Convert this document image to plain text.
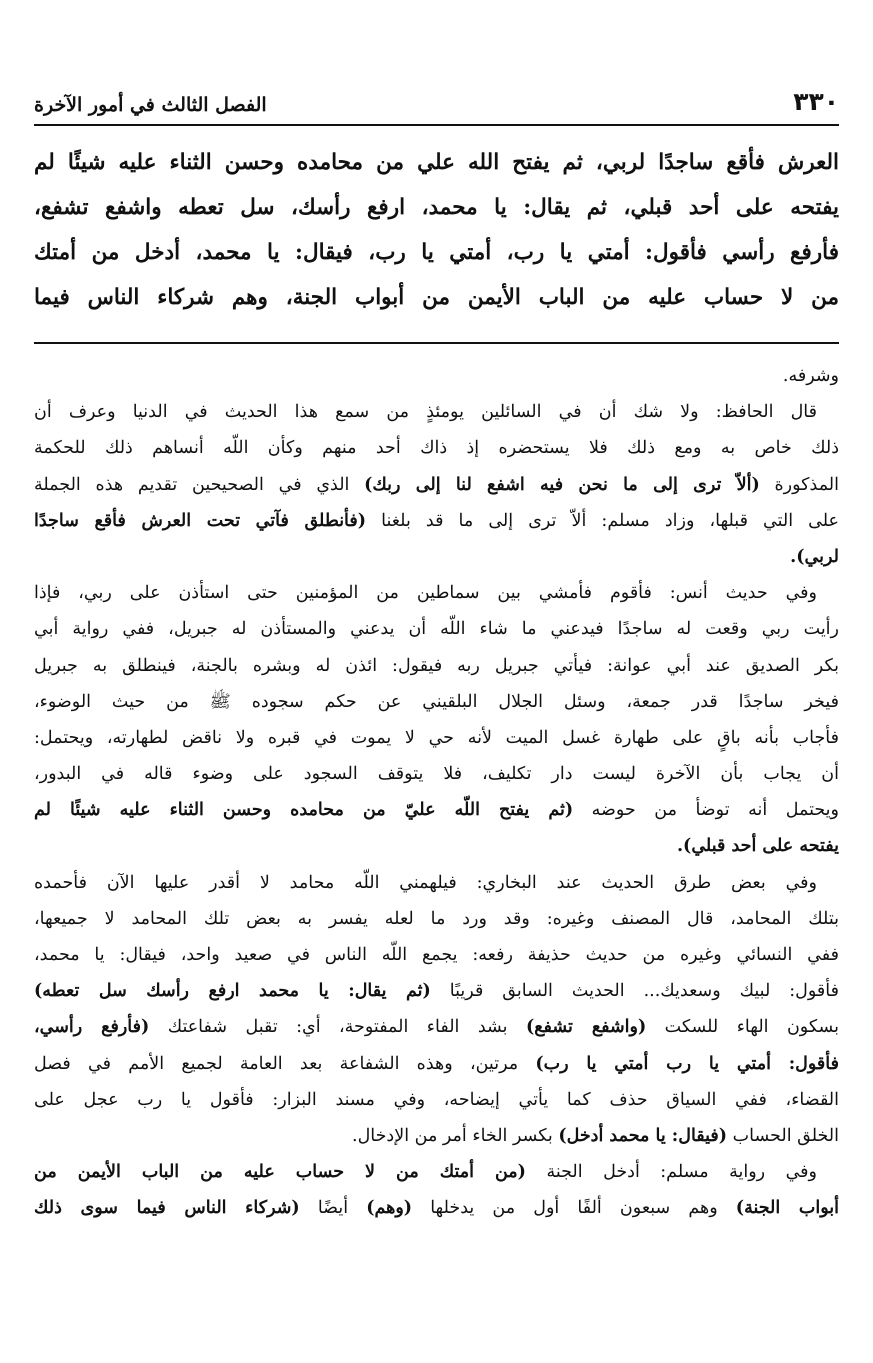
٣٣٠
الفصل الثالث في أمور الآخرة
العرش فأقع ساجدًا لربي، ثم يفتح الله علي من محامده وحسن الثناء عليه شيئًا لم
يفتحه على أحد قبلي، ثم يقال: يا محمد، ارفع رأسك، سل تعطه واشفع تشفع،
فأرفع رأسي فأقول: أمتي يا رب، أمتي يا رب، فيقال: يا محمد، أدخل من أمتك
من لا حساب عليه من الباب الأيمن من أبواب الجنة، وهم شركاء الناس فيما
وشرفه.
قال الحافظ: ولا شك أن في السائلين يومئذٍ من سمع هذا الحديث في الدنيا وعرف أن
ذلك خاص به ومع ذلك فلا يستحضره إذ ذاك أحد منهم وكأن اللّه أنساهم ذلك للحكمة
المذكورة (ألاّ ترى إلى ما نحن فيه اشفع لنا إلى ربك) الذي في الصحيحين تقديم هذه الجملة
على التي قبلها، وزاد مسلم: ألاّ ترى إلى ما قد بلغنا (فأنطلق فآتي تحت العرش فأقع ساجدًا
لربي).
وفي حديث أنس: فأقوم فأمشي بين سماطين من المؤمنين حتى استأذن على ربي، فإذا
رأيت ربي وقعت له ساجدًا فيدعني ما شاء اللّه أن يدعني والمستأذن له جبريل، ففي رواية أبي
بكر الصديق عند أبي عوانة: فيأتي جبريل ربه فيقول: ائذن له وبشره بالجنة، فينطلق به جبريل
فيخر ساجدًا قدر جمعة، وسئل الجلال البلقيني عن حكم سجوده ﷺ من حيث الوضوء،
فأجاب بأنه باقٍ على طهارة غسل الميت لأنه حي لا يموت في قبره ولا ناقض لطهارته، ويحتمل:
أن يجاب بأن الآخرة ليست دار تكليف، فلا يتوقف السجود على وضوء قاله في البدور،
ويحتمل أنه توضأ من حوضه (ثم يفتح اللّه عليّ من محامده وحسن الثناء عليه شيئًا لم
يفتحه على أحد قبلي).
وفي بعض طرق الحديث عند البخاري: فيلهمني اللّه محامد لا أقدر عليها الآن فأحمده
بتلك المحامد، قال المصنف وغيره: وقد ورد ما لعله يفسر به بعض تلك المحامد لا جميعها،
ففي النسائي وغيره من حديث حذيفة رفعه: يجمع اللّه الناس في صعيد واحد، فيقال: يا محمد،
فأقول: لبيك وسعديك... الحديث السابق قريبًا (ثم يقال: يا محمد ارفع رأسك سل تعطه)
بسكون الهاء للسكت (واشفع تشفع) بشد الفاء المفتوحة، أي: تقبل شفاعتك (فأرفع رأسي،
فأقول: أمتي يا رب أمتي يا رب) مرتين، وهذه الشفاعة بعد العامة لجميع الأمم في فصل
القضاء، ففي السياق حذف كما يأتي إيضاحه، وفي مسند البزار: فأقول يا رب عجل على
الخلق الحساب (فيقال: يا محمد أدخل) بكسر الخاء أمر من الإدخال.
وفي رواية مسلم: أدخل الجنة (من أمتك من لا حساب عليه من الباب الأيمن من
أبواب الجنة) وهم سبعون ألفًا أول من يدخلها (وهم) أيضًا (شركاء الناس فيما سوى ذلك
